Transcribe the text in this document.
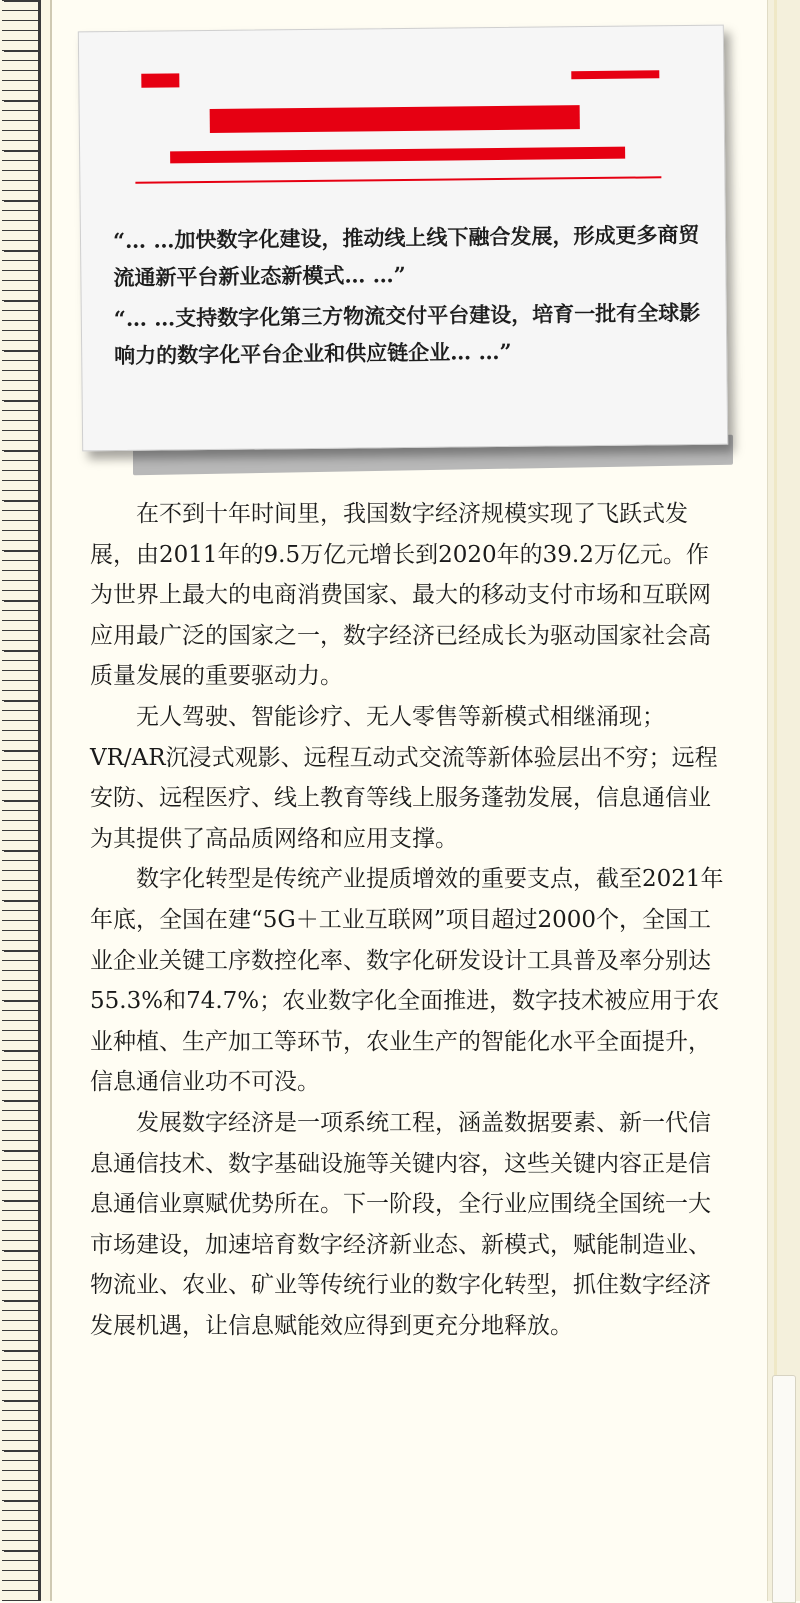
“… …加快数字化建设，推动线上线下融合发展，形成更多商贸流通新平台新业态新模式… …”

“… …支持数字化第三方物流交付平台建设，培育一批有全球影响力的数字化平台企业和供应链企业… …”

在不到十年时间里，我国数字经济规模实现了飞跃式发展，由2011年的9.5万亿元增长到2020年的39.2万亿元。作为世界上最大的电商消费国家、最大的移动支付市场和互联网应用最广泛的国家之一，数字经济已经成长为驱动国家社会高质量发展的重要驱动力。

无人驾驶、智能诊疗、无人零售等新模式相继涌现；VR/AR沉浸式观影、远程互动式交流等新体验层出不穷；远程安防、远程医疗、线上教育等线上服务蓬勃发展，信息通信业为其提供了高品质网络和应用支撑。

数字化转型是传统产业提质增效的重要支点，截至2021年年底，全国在建“5G＋工业互联网”项目超过2000个，全国工业企业关键工序数控化率、数字化研发设计工具普及率分别达55.3%和74.7%；农业数字化全面推进，数字技术被应用于农业种植、生产加工等环节，农业生产的智能化水平全面提升，信息通信业功不可没。

发展数字经济是一项系统工程，涵盖数据要素、新一代信息通信技术、数字基础设施等关键内容，这些关键内容正是信息通信业禀赋优势所在。下一阶段，全行业应围绕全国统一大市场建设，加速培育数字经济新业态、新模式，赋能制造业、物流业、农业、矿业等传统行业的数字化转型，抓住数字经济发展机遇，让信息赋能效应得到更充分地释放。
